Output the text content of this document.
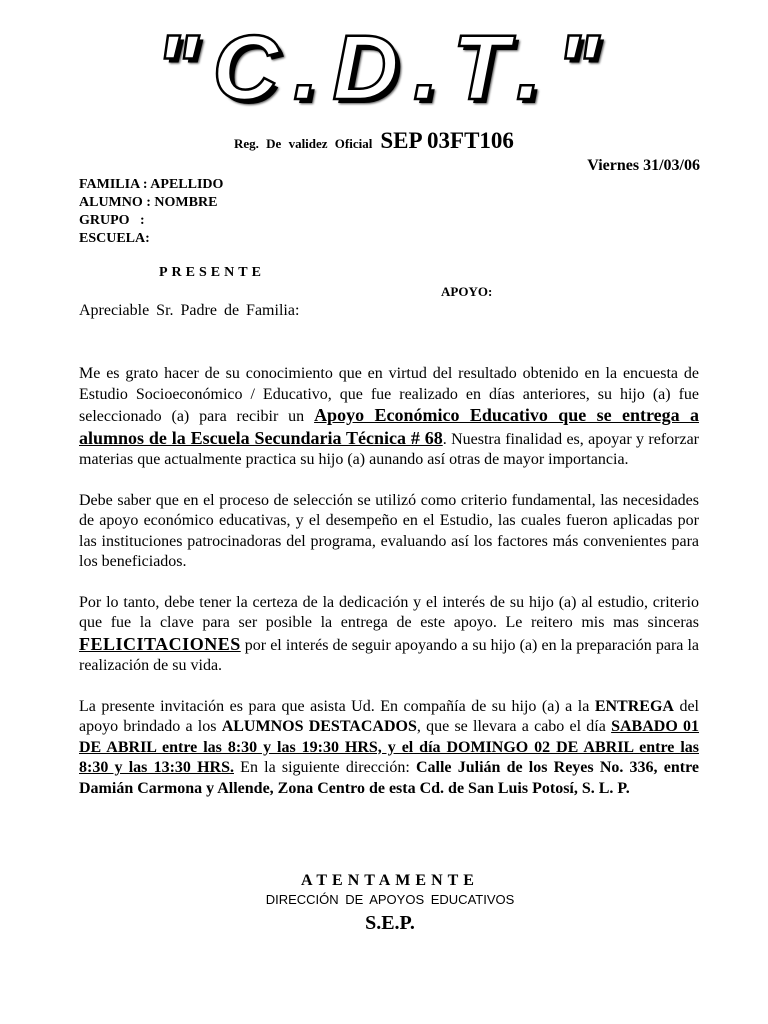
"C.D.T."
Reg. De validez Oficial SEP 03FT106
Viernes 31/03/06
FAMILIA : APELLIDO
ALUMNO : NOMBRE
GRUPO   :
ESCUELA:
PRESENTE
APOYO:
Apreciable Sr. Padre de Familia:

Me es grato hacer de su conocimiento que en virtud del resultado obtenido en la encuesta de Estudio Socioeconómico / Educativo, que fue realizado en días anteriores, su hijo (a) fue seleccionado (a) para recibir un Apoyo Económico Educativo que se entrega a alumnos de la Escuela Secundaria Técnica # 68. Nuestra finalidad es, apoyar y reforzar materias que actualmente practica su hijo (a) aunando así otras de mayor importancia.

Debe saber que en el proceso de selección se utilizó como criterio fundamental, las necesidades de apoyo económico educativas, y el desempeño en el Estudio, las cuales fueron aplicadas por las instituciones patrocinadoras del programa, evaluando así los factores más convenientes para los beneficiados.

Por lo tanto, debe tener la certeza de la dedicación y el interés de su hijo (a) al estudio, criterio que fue la clave para ser posible la entrega de este apoyo. Le reitero mis mas sinceras FELICITACIONES por el interés de seguir apoyando a su hijo (a) en la preparación para la realización de su vida.

La presente invitación es para que asista Ud. En compañía de su hijo (a) a la ENTREGA del apoyo brindado a los ALUMNOS DESTACADOS, que se llevara a cabo el día SABADO 01 DE ABRIL entre las 8:30 y las 19:30 HRS, y el día DOMINGO 02 DE ABRIL entre las 8:30 y las 13:30 HRS. En la siguiente dirección: Calle Julián de los Reyes No. 336, entre Damián Carmona y Allende, Zona Centro de esta Cd. de San Luis Potosí, S. L. P.

ATENTAMENTE
DIRECCIÓN DE APOYOS EDUCATIVOS
S.E.P.
